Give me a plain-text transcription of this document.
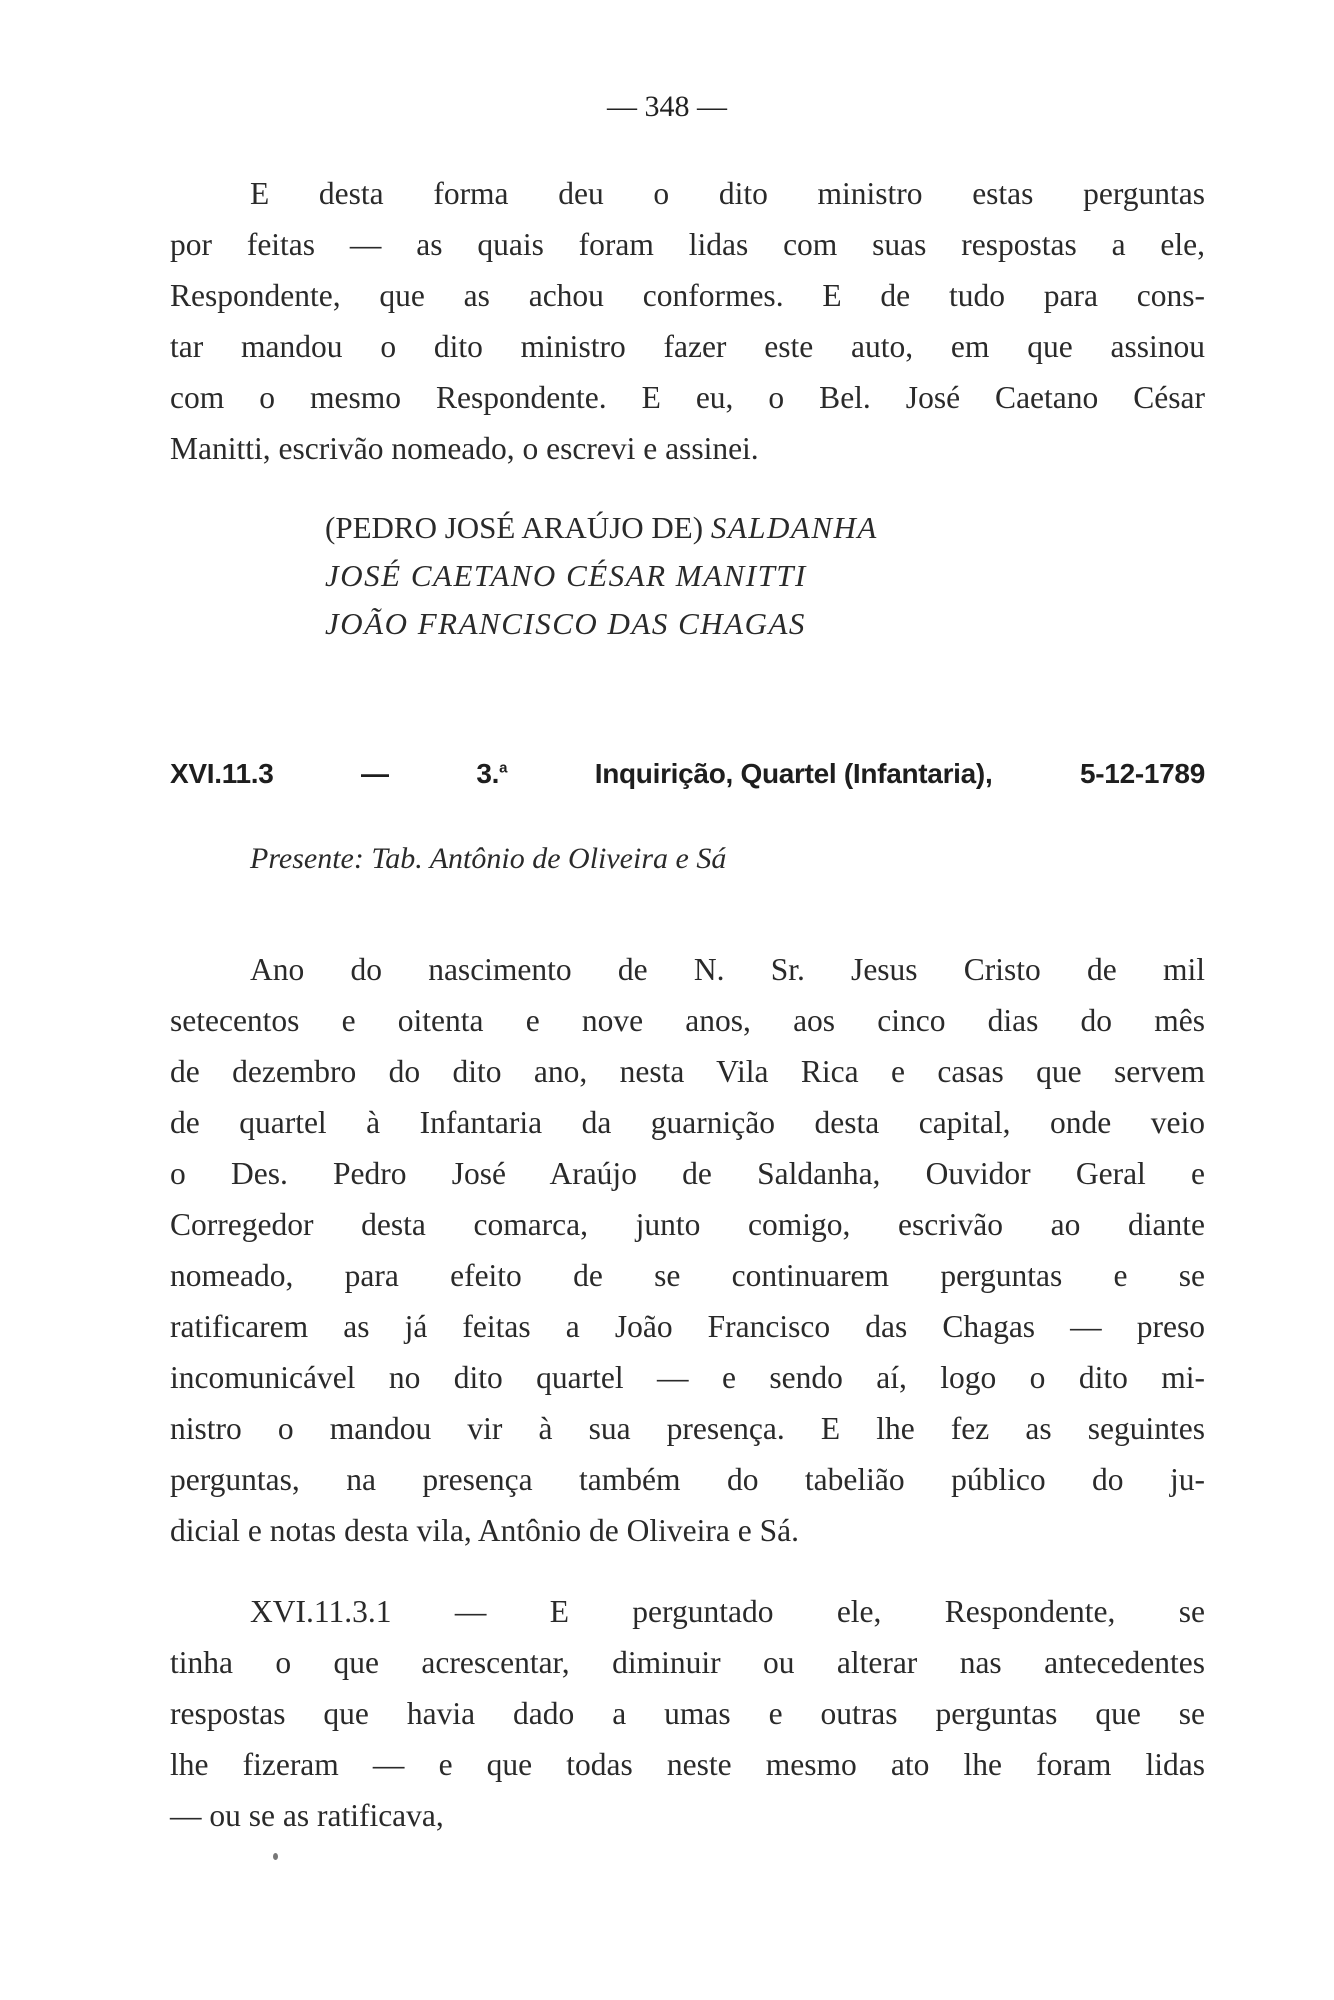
— 348 —
E desta forma deu o dito ministro estas perguntas
por feitas — as quais foram lidas com suas respostas a ele,
Respondente, que as achou conformes. E de tudo para cons-
tar mandou o dito ministro fazer este auto, em que assinou
com o mesmo Respondente. E eu, o Bel. José Caetano César
Manitti, escrivão nomeado, o escrevi e assinei.
(PEDRO JOSÉ ARAÚJO DE) SALDANHA
JOSÉ CAETANO CÉSAR MANITTI
JOÃO FRANCISCO DAS CHAGAS
XVI.11.3	—	3.$^a$	Inquirição, Quartel (Infantaria),	5-12-1789
Presente: Tab. Antônio de Oliveira e Sá
Ano do nascimento de N. Sr. Jesus Cristo de mil
setecentos e oitenta e nove anos, aos cinco dias do mês
de dezembro do dito ano, nesta Vila Rica e casas que servem
de quartel à Infantaria da guarnição desta capital, onde veio
o Des. Pedro José Araújo de Saldanha, Ouvidor Geral e
Corregedor desta comarca, junto comigo, escrivão ao diante
nomeado, para efeito de se continuarem perguntas e se
ratificarem as já feitas a João Francisco das Chagas — preso
incomunicável no dito quartel — e sendo aí, logo o dito mi-
nistro o mandou vir à sua presença. E lhe fez as seguintes
perguntas, na presença também do tabelião público do ju-
dicial e notas desta vila, Antônio de Oliveira e Sá.
XVI.11.3.1 — E perguntado ele, Respondente, se
tinha o que acrescentar, diminuir ou alterar nas antecedentes
respostas que havia dado a umas e outras perguntas que se
lhe fizeram — e que todas neste mesmo ato lhe foram lidas
— ou se as ratificava,
